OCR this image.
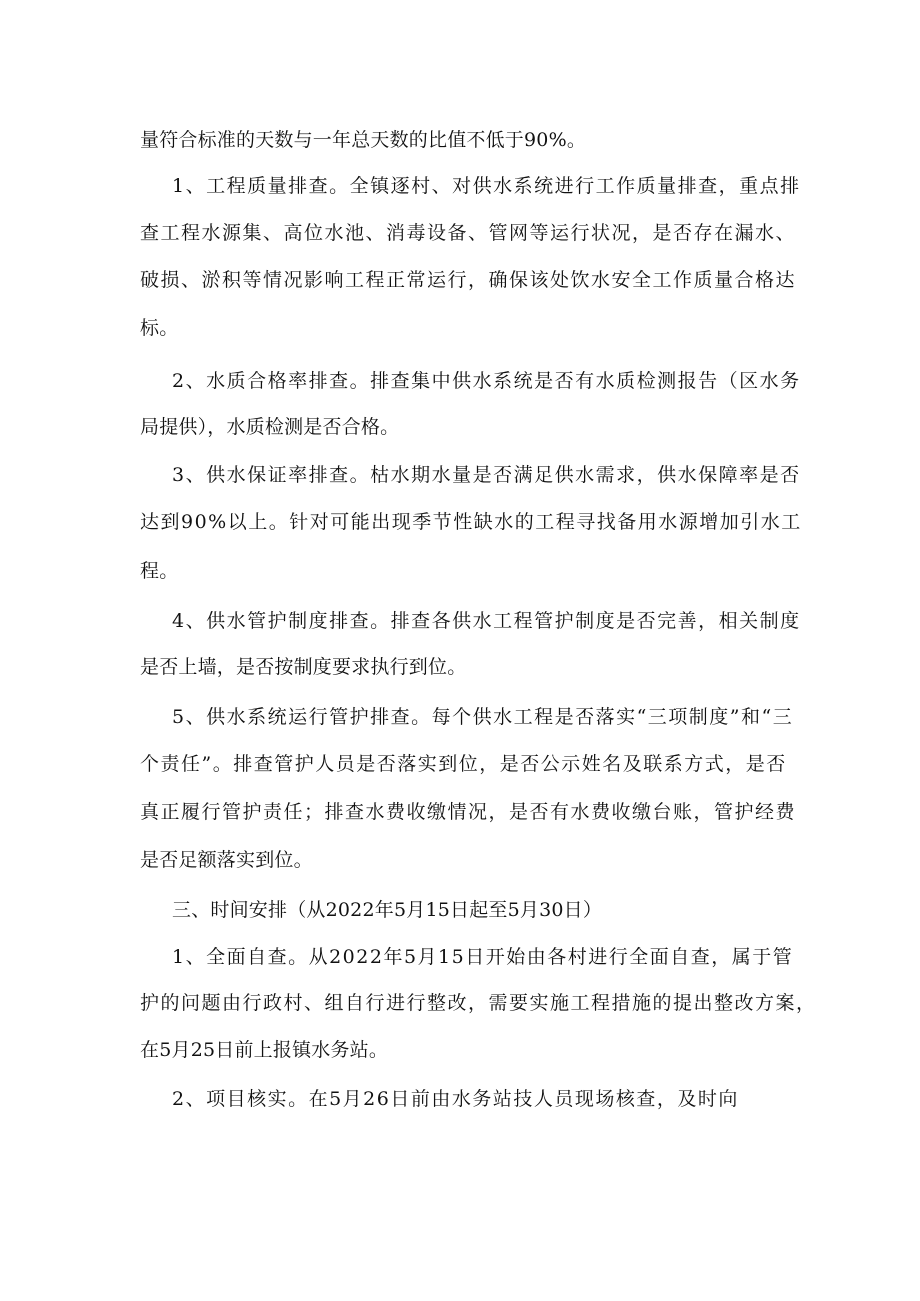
量符合标准的天数与一年总天数的比值不低于90%。
1、工程质量排查。全镇逐村、对供水系统进行工作质量排查，重点排
查工程水源集、高位水池、消毒设备、管网等运行状况，是否存在漏水、
破损、淤积等情况影响工程正常运行，确保该处饮水安全工作质量合格达
标。
2、水质合格率排查。排查集中供水系统是否有水质检测报告（区水务
局提供），水质检测是否合格。
3、供水保证率排查。枯水期水量是否满足供水需求，供水保障率是否
达到90%以上。针对可能出现季节性缺水的工程寻找备用水源增加引水工
程。
4、供水管护制度排查。排查各供水工程管护制度是否完善，相关制度
是否上墙，是否按制度要求执行到位。
5、供水系统运行管护排查。每个供水工程是否落实“三项制度”和“三
个责任”。排查管护人员是否落实到位，是否公示姓名及联系方式，是否
真正履行管护责任；排查水费收缴情况，是否有水费收缴台账，管护经费
是否足额落实到位。
三、时间安排（从2022年5月15日起至5月30日）
1、全面自查。从2022年5月15日开始由各村进行全面自查，属于管
护的问题由行政村、组自行进行整改，需要实施工程措施的提出整改方案，
在5月25日前上报镇水务站。
2、项目核实。在5月26日前由水务站技人员现场核查，及时向
